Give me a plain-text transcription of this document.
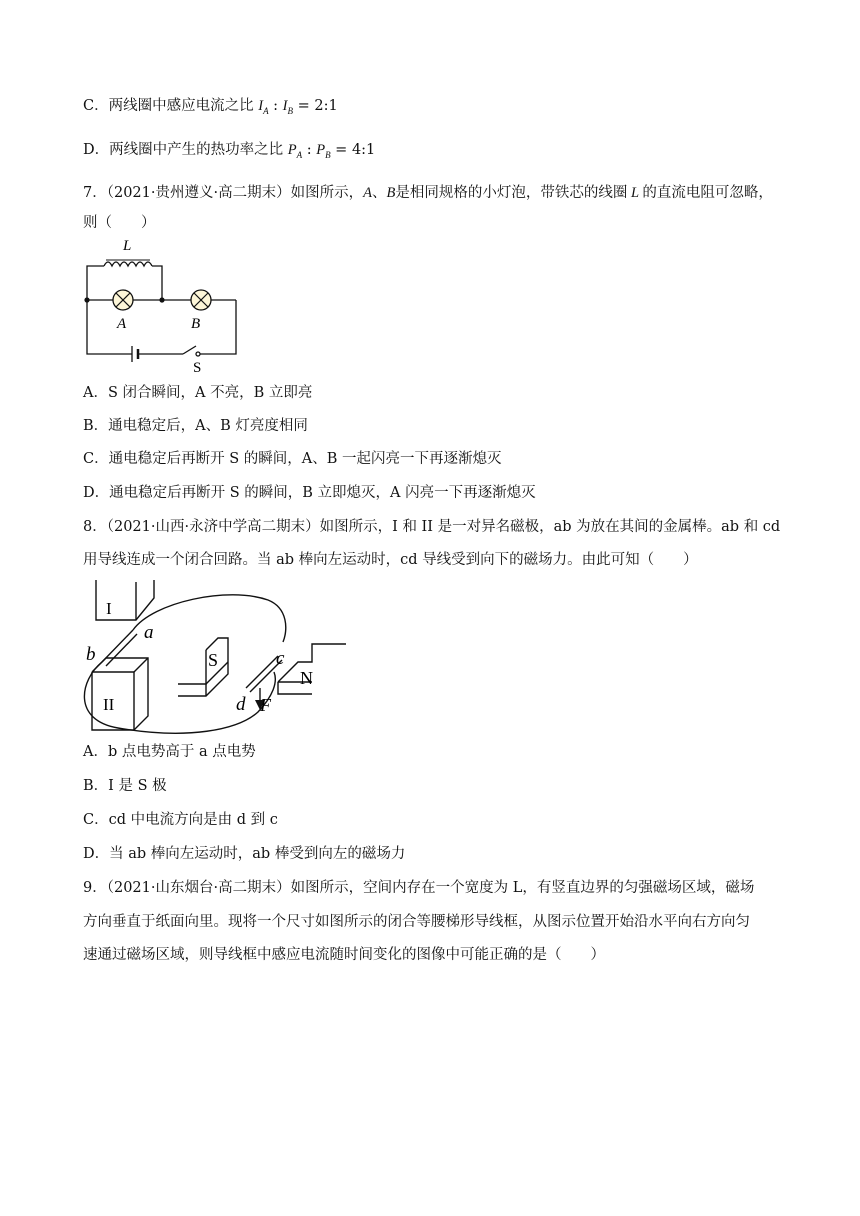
C．两线圈中感应电流之比 $I_A$ : $I_B$ = 2:1
D．两线圈中产生的热功率之比 $P_A$ : $P_B$ = 4:1
7．（2021·贵州遵义·高二期末）如图所示，A、B是相同规格的小灯泡，带铁芯的线圈 L 的直流电阻可忽略，
则（　　）
L
A	B
S
A．S 闭合瞬间，A 不亮，B 立即亮
B．通电稳定后，A、B 灯亮度相同
C．通电稳定后再断开 S 的瞬间，A、B 一起闪亮一下再逐渐熄灭
D．通电稳定后再断开 S 的瞬间，B 立即熄灭，A 闪亮一下再逐渐熄灭
8．（2021·山西·永济中学高二期末）如图所示，I 和 II 是一对异名磁极，ab 为放在其间的金属棒。ab 和 cd
用导线连成一个闭合回路。当 ab 棒向左运动时，cd 导线受到向下的磁场力。由此可知（　　）
I
II
a
b	c
d
S
N
F
A．b 点电势高于 a 点电势
B．I 是 S 极
C．cd 中电流方向是由 d 到 c
D．当 ab 棒向左运动时，ab 棒受到向左的磁场力
9．（2021·山东烟台·高二期末）如图所示，空间内存在一个宽度为 L，有竖直边界的匀强磁场区域，磁场
方向垂直于纸面向里。现将一个尺寸如图所示的闭合等腰梯形导线框，从图示位置开始沿水平向右方向匀
速通过磁场区域，则导线框中感应电流随时间变化的图像中可能正确的是（　　）
